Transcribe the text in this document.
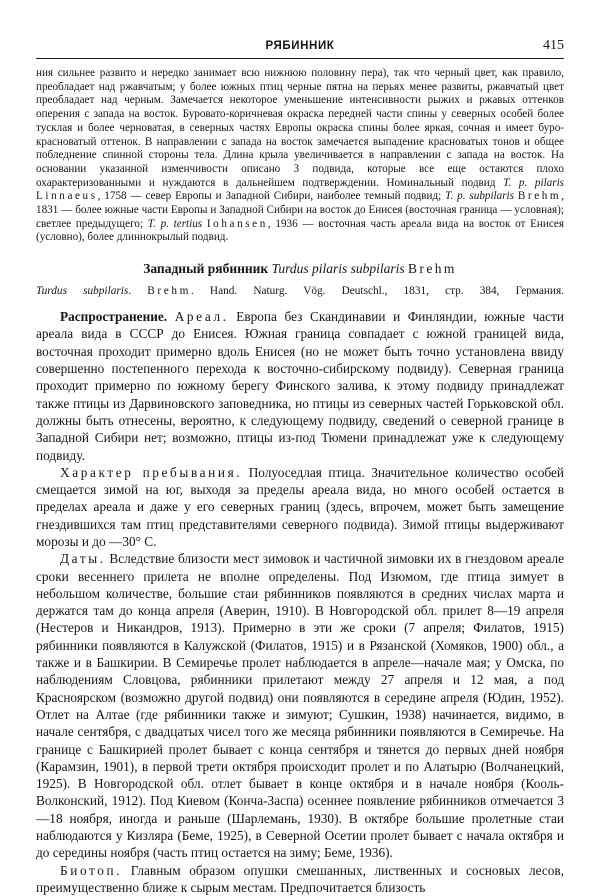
РЯБИННИК	415

ния сильнее развито и нередко занимает всю нижнюю половину пера), так что черный цвет, как правило, преобладает над ржавчатым; у более южных птиц черные пятна на перьях менее развиты, ржавчатый цвет преобладает над черным. Замечается некоторое уменьшение интенсивности рыжих и ржавых оттенков оперения с запада на восток. Буровато-коричневая окраска передней части спины у северных особей более тусклая и более черноватая, в северных частях Европы окраска спины более яркая, сочная и имеет буро-красноватый оттенок. В направлении с запада на восток замечается выпадение красноватых тонов и общее побледнение спинной стороны тела. Длина крыла увеличивается в направлении с запада на восток. На основании указанной изменчивости описано 3 подвида, которые все еще остаются плохо охарактеризованными и нуждаются в дальнейшем подтверждении. Номинальный подвид T. p. pilaris Linnaeus, 1758 — север Европы и Западной Сибири, наиболее темный подвид; T. p. subpilaris Brehm, 1831 — более южные части Европы и Западной Сибири на восток до Енисея (восточная граница — условная); светлее предыдущего; T. p. tertius Iohansen, 1936 — восточная часть ареала вида на восток от Енисея (условно), более длиннокрылый подвид.

Западный рябинник Turdus pilaris subpilaris Brehm
Turdus subpilaris. Brehm. Hand. Naturg. Vög. Deutschl., 1831, стр. 384, Германия.

Распространение. Ареал. Европа без Скандинавии и Финляндии, южные части ареала вида в СССР до Енисея. Южная граница совпадает с южной границей вида, восточная проходит примерно вдоль Енисея (но не может быть точно установлена ввиду совершенно постепенного перехода к восточно-сибирскому подвиду). Северная граница проходит примерно по южному берегу Финского залива, к этому подвиду принадлежат также птицы из Дарвиновского заповедника, но птицы из северных частей Горьковской обл. должны быть отнесены, вероятно, к следующему подвиду, сведений о северной границе в Западной Сибири нет; возможно, птицы из-под Тюмени принадлежат уже к следующему подвиду.

Характер пребывания. Полуоседлая птица. Значительное количество особей смещается зимой на юг, выходя за пределы ареала вида, но много особей остается в пределах ареала и даже у его северных границ (здесь, впрочем, может быть замещение гнездившихся там птиц представителями северного подвида). Зимой птицы выдерживают морозы и до —30° С.

Даты. Вследствие близости мест зимовок и частичной зимовки их в гнездовом ареале сроки весеннего прилета не вполне определены. Под Изюмом, где птица зимует в небольшом количестве, большие стаи рябинников появляются в средних числах марта и держатся там до конца апреля (Аверин, 1910). В Новгородской обл. прилет 8—19 апреля (Нестеров и Никандров, 1913). Примерно в эти же сроки (7 апреля; Филатов, 1915) рябинники появляются в Калужской (Филатов, 1915) и в Рязанской (Хомяков, 1900) обл., а также и в Башкирии. В Семиречье пролет наблюдается в апреле—начале мая; у Омска, по наблюдениям Словцова, рябинники прилетают между 27 апреля и 12 мая, а под Красноярском (возможно другой подвид) они появляются в середине апреля (Юдин, 1952). Отлет на Алтае (где рябинники также и зимуют; Сушкин, 1938) начинается, видимо, в начале сентября, с двадцатых чисел того же месяца рябинники появляются в Семиречье. На границе с Башкирией пролет бывает с конца сентября и тянется до первых дней ноября (Карамзин, 1901), в первой трети октября происходит пролет и по Алатырю (Волчанецкий, 1925). В Новгородской обл. отлет бывает в конце октября и в начале ноября (Кооль-Волконский, 1912). Под Киевом (Конча-Заспа) осеннее появление рябинников отмечается 3—18 ноября, иногда и раньше (Шарлемань, 1930). В октябре большие пролетные стаи наблюдаются у Кизляра (Беме, 1925), в Северной Осетии пролет бывает с начала октября и до середины ноября (часть птиц остается на зиму; Беме, 1936).

Биотоп. Главным образом опушки смешанных, лиственных и сосновых лесов, преимущественно ближе к сырым местам. Предпочитается близость
